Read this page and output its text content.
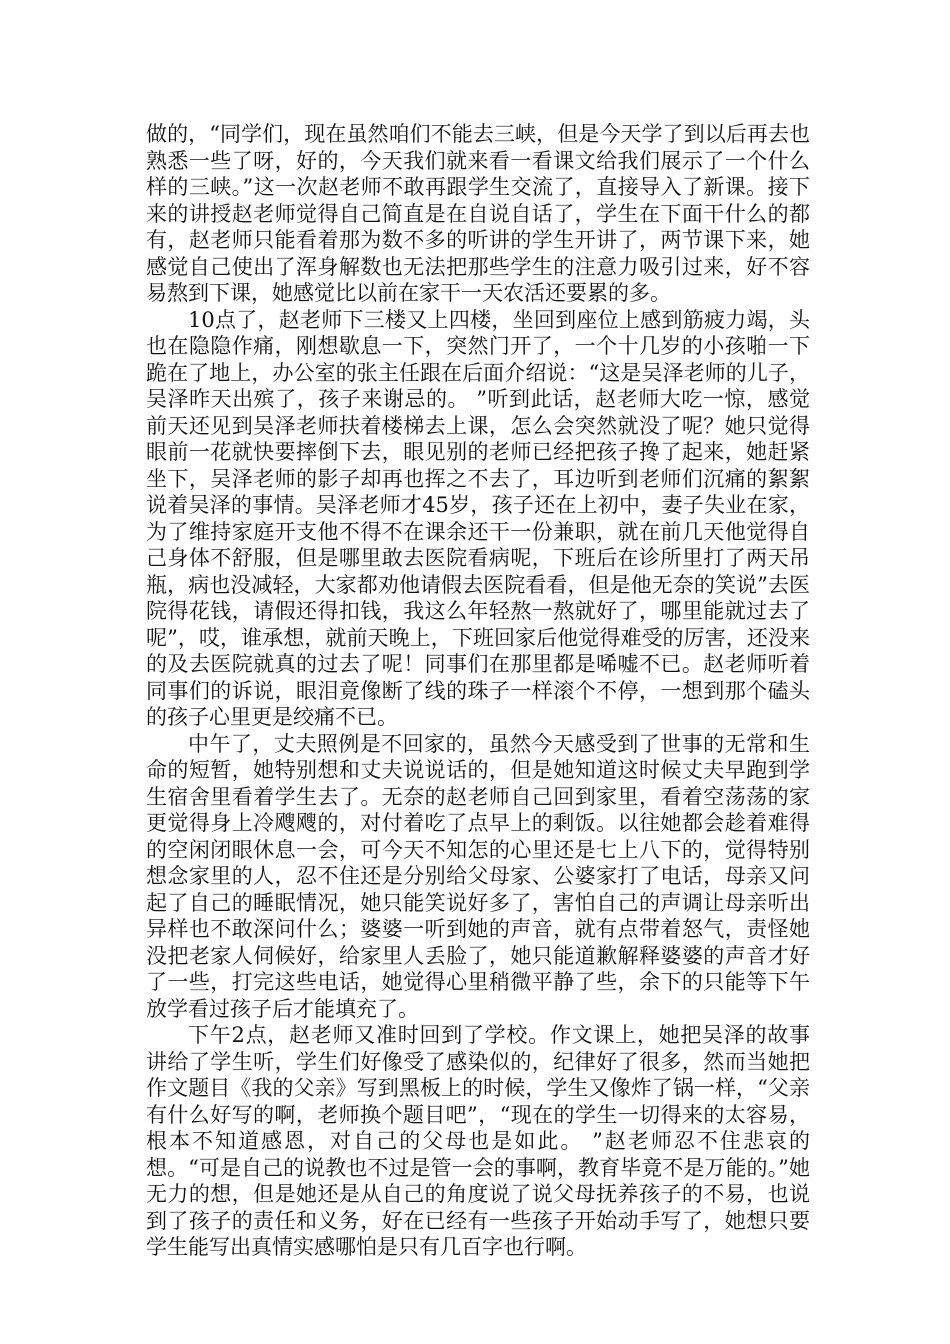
做的，“同学们，现在虽然咱们不能去三峡，但是今天学了到以后再去也熟悉一些了呀，好的，今天我们就来看一看课文给我们展示了一个什么样的三峡。”这一次赵老师不敢再跟学生交流了，直接导入了新课。接下来的讲授赵老师觉得自己简直是在自说自话了，学生在下面干什么的都有，赵老师只能看着那为数不多的听讲的学生开讲了，两节课下来，她感觉自己使出了浑身解数也无法把那些学生的注意力吸引过来，好不容易熬到下课，她感觉比以前在家干一天农活还要累的多。

10点了，赵老师下三楼又上四楼，坐回到座位上感到筋疲力竭，头也在隐隐作痛，刚想歇息一下，突然门开了，一个十几岁的小孩啪一下跪在了地上，办公室的张主任跟在后面介绍说：“这是吴泽老师的儿子，吴泽昨天出殡了，孩子来谢忌的。 ”听到此话，赵老师大吃一惊，感觉前天还见到吴泽老师扶着楼梯去上课，怎么会突然就没了呢？她只觉得眼前一花就快要摔倒下去，眼见别的老师已经把孩子搀了起来，她赶紧坐下，吴泽老师的影子却再也挥之不去了，耳边听到老师们沉痛的絮絮说着吴泽的事情。吴泽老师才45岁，孩子还在上初中，妻子失业在家，为了维持家庭开支他不得不在课余还干一份兼职，就在前几天他觉得自己身体不舒服，但是哪里敢去医院看病呢，下班后在诊所里打了两天吊瓶，病也没减轻，大家都劝他请假去医院看看，但是他无奈的笑说”去医院得花钱，请假还得扣钱，我这么年轻熬一熬就好了，哪里能就过去了呢”，哎，谁承想，就前天晚上，下班回家后他觉得难受的厉害，还没来的及去医院就真的过去了呢！同事们在那里都是唏嘘不已。赵老师听着同事们的诉说，眼泪竟像断了线的珠子一样滚个不停，一想到那个磕头的孩子心里更是绞痛不已。

中午了，丈夫照例是不回家的，虽然今天感受到了世事的无常和生命的短暂，她特别想和丈夫说说话的，但是她知道这时候丈夫早跑到学生宿舍里看着学生去了。无奈的赵老师自己回到家里，看着空荡荡的家更觉得身上冷飕飕的，对付着吃了点早上的剩饭。以往她都会趁着难得的空闲闭眼休息一会，可今天不知怎的心里还是七上八下的，觉得特别想念家里的人，忍不住还是分别给父母家、公婆家打了电话，母亲又问起了自己的睡眠情况，她只能笑说好多了，害怕自己的声调让母亲听出异样也不敢深问什么；婆婆一听到她的声音，就有点带着怒气，责怪她没把老家人伺候好，给家里人丢脸了，她只能道歉解释婆婆的声音才好了一些，打完这些电话，她觉得心里稍微平静了些，余下的只能等下午放学看过孩子后才能填充了。

下午2点，赵老师又准时回到了学校。作文课上，她把吴泽的故事讲给了学生听，学生们好像受了感染似的，纪律好了很多，然而当她把作文题目《我的父亲》写到黑板上的时候，学生又像炸了锅一样，“父亲有什么好写的啊，老师换个题目吧”，“现在的学生一切得来的太容易，根本不知道感恩，对自己的父母也是如此。 ”赵老师忍不住悲哀的想。“可是自己的说教也不过是管一会的事啊，教育毕竟不是万能的。”她无力的想，但是她还是从自己的角度说了说父母抚养孩子的不易，也说到了孩子的责任和义务，好在已经有一些孩子开始动手写了，她想只要学生能写出真情实感哪怕是只有几百字也行啊。
